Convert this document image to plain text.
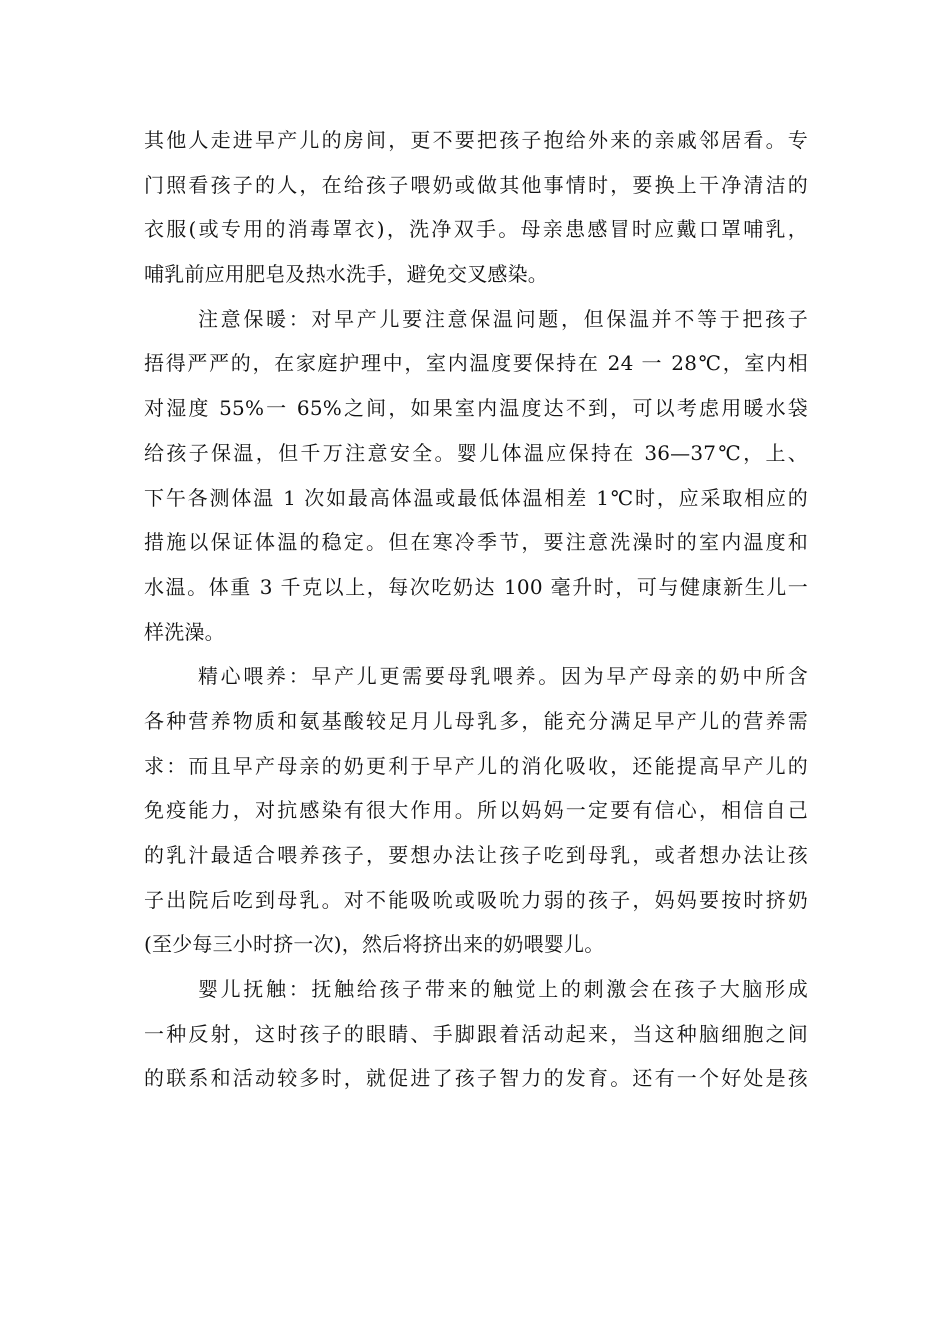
其他人走进早产儿的房间，更不要把孩子抱给外来的亲戚邻居看。专
门照看孩子的人，在给孩子喂奶或做其他事情时，要换上干净清洁的
衣服(或专用的消毒罩衣)，洗净双手。母亲患感冒时应戴口罩哺乳，
哺乳前应用肥皂及热水洗手，避免交叉感染。
注意保暖：对早产儿要注意保温问题，但保温并不等于把孩子
捂得严严的，在家庭护理中，室内温度要保持在 24 一 28℃，室内相
对湿度 55%一 65%之间，如果室内温度达不到，可以考虑用暖水袋
给孩子保温，但千万注意安全。婴儿体温应保持在 36—37℃，上、
下午各测体温 1 次如最高体温或最低体温相差 1℃时，应采取相应的
措施以保证体温的稳定。但在寒冷季节，要注意洗澡时的室内温度和
水温。体重 3 千克以上，每次吃奶达 100 毫升时，可与健康新生儿一
样洗澡。
精心喂养：早产儿更需要母乳喂养。因为早产母亲的奶中所含
各种营养物质和氨基酸较足月儿母乳多，能充分满足早产儿的营养需
求：而且早产母亲的奶更利于早产儿的消化吸收，还能提高早产儿的
免疫能力，对抗感染有很大作用。所以妈妈一定要有信心，相信自己
的乳汁最适合喂养孩子，要想办法让孩子吃到母乳，或者想办法让孩
子出院后吃到母乳。对不能吸吮或吸吮力弱的孩子，妈妈要按时挤奶
(至少每三小时挤一次)，然后将挤出来的奶喂婴儿。
婴儿抚触：抚触给孩子带来的触觉上的刺激会在孩子大脑形成
一种反射，这时孩子的眼睛、手脚跟着活动起来，当这种脑细胞之间
的联系和活动较多时，就促进了孩子智力的发育。还有一个好处是孩
